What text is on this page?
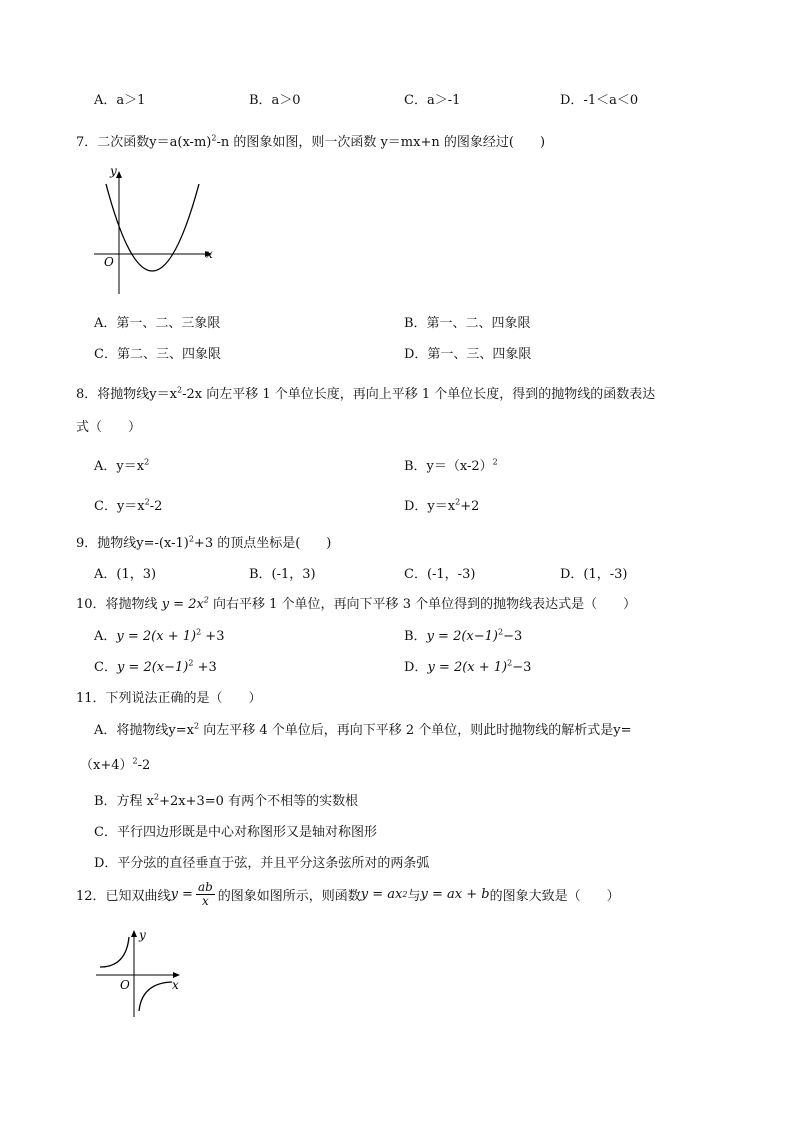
A．a＞1	B．a＞0	C．a＞-1	D．-1＜a＜0
7．二次函数$y=a(x-m)^2-n$ 的图象如图，则一次函数 y＝mx+n 的图象经过(　　)
y
x
O
A．第一、二、三象限	B．第一、二、四象限
C．第二、三、四象限	D．第一、三、四象限
8．将抛物线$y=x^2-2x$ 向左平移 1 个单位长度，再向上平移 1 个单位长度，得到的抛物线的函数表达
式（　　）
A．$y=x^2$	B．$y=(x-2)^2$
C．$y=x^2-2$	D．$y=x^2+2$
9．抛物线$y=-(x-1)^2+3$ 的顶点坐标是(　　)
A．(1，3)	B．(-1，3)	C．(-1，-3)	D．(1，-3)
10．将抛物线 $y = 2x^2$ 向右平移 1 个单位，再向下平移 3 个单位得到的抛物线表达式是（　　）
A．$y = 2(x + 1)^2 +3$	B．$y = 2(x-1)^2-3$
C．$y = 2(x-1)^2 +3$	D．$y = 2(x + 1)^2-3$
11．下列说法正确的是（　　）
A．将抛物线$y=x^2$ 向左平移 4 个单位后，再向下平移 2 个单位，则此时抛物线的解析式是y=
$(x+4)^2-2$
B．方程 $x^2+2x+3=0$ 有两个不相等的实数根
C．平行四边形既是中心对称图形又是轴对称图形
D．平分弦的直径垂直于弦，并且平分这条弦所对的两条弧
12． 已知双曲线 $y = \frac{ab}{x}$ 的图象如图所示，则函数 y = ax 2 与 y = ax + b 的图象大致是（　　）
y
x
O
